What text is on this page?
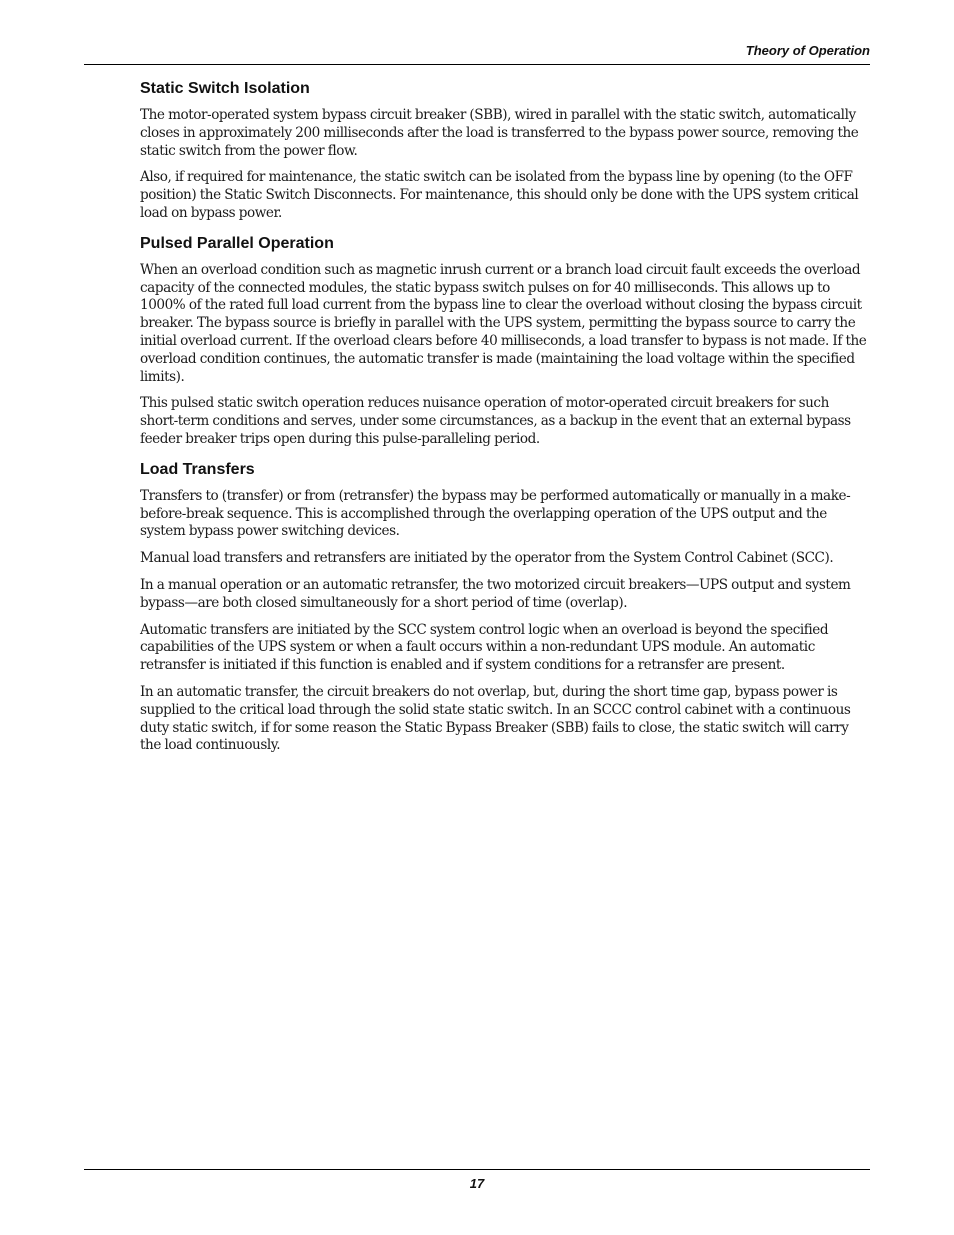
Theory of Operation
Static Switch Isolation

The motor-operated system bypass circuit breaker (SBB), wired in parallel with the static switch, automatically closes in approximately 200 milliseconds after the load is transferred to the bypass power source, removing the static switch from the power flow.

Also, if required for maintenance, the static switch can be isolated from the bypass line by opening (to the OFF position) the Static Switch Disconnects. For maintenance, this should only be done with the UPS system critical load on bypass power.

Pulsed Parallel Operation

When an overload condition such as magnetic inrush current or a branch load circuit fault exceeds the overload capacity of the connected modules, the static bypass switch pulses on for 40 milliseconds. This allows up to 1000% of the rated full load current from the bypass line to clear the overload without closing the bypass circuit breaker. The bypass source is briefly in parallel with the UPS system, permitting the bypass source to carry the initial overload current. If the overload clears before 40 milliseconds, a load transfer to bypass is not made. If the overload condition continues, the automatic transfer is made (maintaining the load voltage within the specified limits).

This pulsed static switch operation reduces nuisance operation of motor-operated circuit breakers for such short-term conditions and serves, under some circumstances, as a backup in the event that an external bypass feeder breaker trips open during this pulse-paralleling period.

Load Transfers

Transfers to (transfer) or from (retransfer) the bypass may be performed automatically or manually in a make-before-break sequence. This is accomplished through the overlapping operation of the UPS output and the system bypass power switching devices.

Manual load transfers and retransfers are initiated by the operator from the System Control Cabinet (SCC).

In a manual operation or an automatic retransfer, the two motorized circuit breakers—UPS output and system bypass—are both closed simultaneously for a short period of time (overlap).

Automatic transfers are initiated by the SCC system control logic when an overload is beyond the specified capabilities of the UPS system or when a fault occurs within a non-redundant UPS module. An automatic retransfer is initiated if this function is enabled and if system conditions for a retransfer are present.

In an automatic transfer, the circuit breakers do not overlap, but, during the short time gap, bypass power is supplied to the critical load through the solid state static switch. In an SCCC control cabinet with a continuous duty static switch, if for some reason the Static Bypass Breaker (SBB) fails to close, the static switch will carry the load continuously.

17
